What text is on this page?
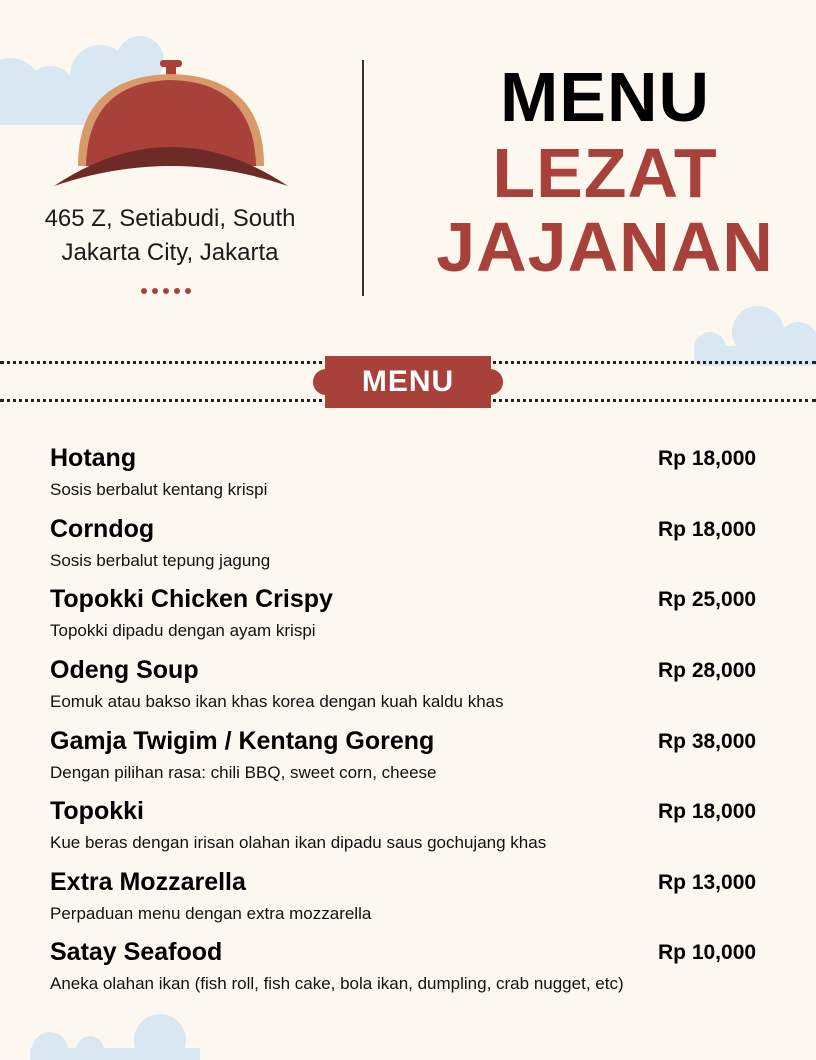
465 Z, Setiabudi, South
Jakarta City, Jakarta
MENU
LEZAT
JAJANAN
MENU
Hotang	Rp 18,000
Sosis berbalut kentang krispi
Corndog	Rp 18,000
Sosis berbalut tepung jagung
Topokki Chicken Crispy	Rp 25,000
Topokki dipadu dengan ayam krispi
Odeng Soup	Rp 28,000
Eomuk atau bakso ikan khas korea dengan kuah kaldu khas
Gamja Twigim / Kentang Goreng	Rp 38,000
Dengan pilihan rasa: chili BBQ, sweet corn, cheese
Topokki	Rp 18,000
Kue beras dengan irisan olahan ikan dipadu saus gochujang khas
Extra Mozzarella	Rp 13,000
Perpaduan menu dengan extra mozzarella
Satay Seafood	Rp 10,000
Aneka olahan ikan (fish roll, fish cake, bola ikan, dumpling, crab nugget, etc)
